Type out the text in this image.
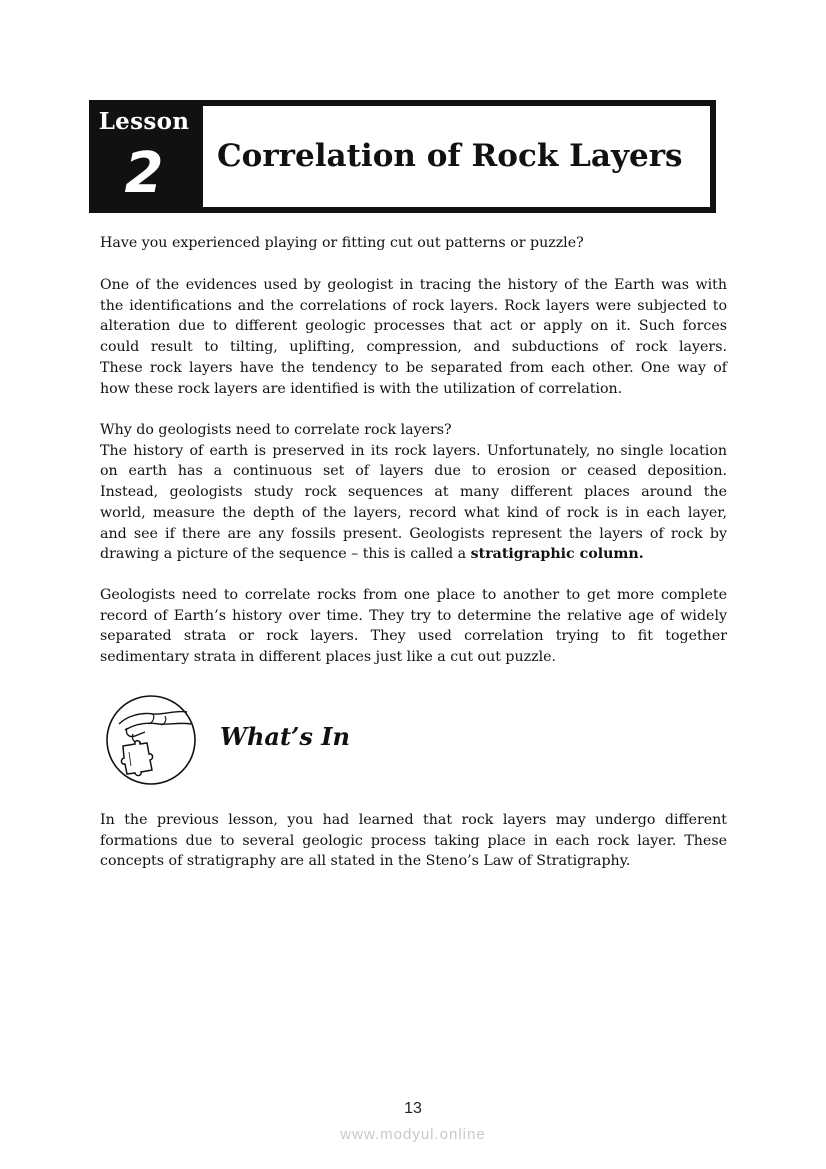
Lesson
2	Correlation of Rock Layers

Have you experienced playing or fitting cut out patterns or puzzle?

One of the evidences used by geologist in tracing the history of the Earth was with
the identifications and the correlations of rock layers. Rock layers were subjected to
alteration due to different geologic processes that act or apply on it. Such forces
could result to tilting, uplifting, compression, and subductions of rock layers.
These rock layers have the tendency to be separated from each other. One way of
how these rock layers are identified is with the utilization of correlation.

Why do geologists need to correlate rock layers?
The history of earth is preserved in its rock layers. Unfortunately, no single location
on earth has a continuous set of layers due to erosion or ceased deposition.
Instead, geologists study rock sequences at many different places around the
world, measure the depth of the layers, record what kind of rock is in each layer,
and see if there are any fossils present. Geologists represent the layers of rock by
drawing a picture of the sequence – this is called a stratigraphic column.

Geologists need to correlate rocks from one place to another to get more complete
record of Earth’s history over time. They try to determine the relative age of widely
separated strata or rock layers. They used correlation trying to fit together
sedimentary strata in different places just like a cut out puzzle.

What’s In

In the previous lesson, you had learned that rock layers may undergo different
formations due to several geologic process taking place in each rock layer. These
concepts of stratigraphy are all stated in the Steno’s Law of Stratigraphy.

13
www.modyul.online
